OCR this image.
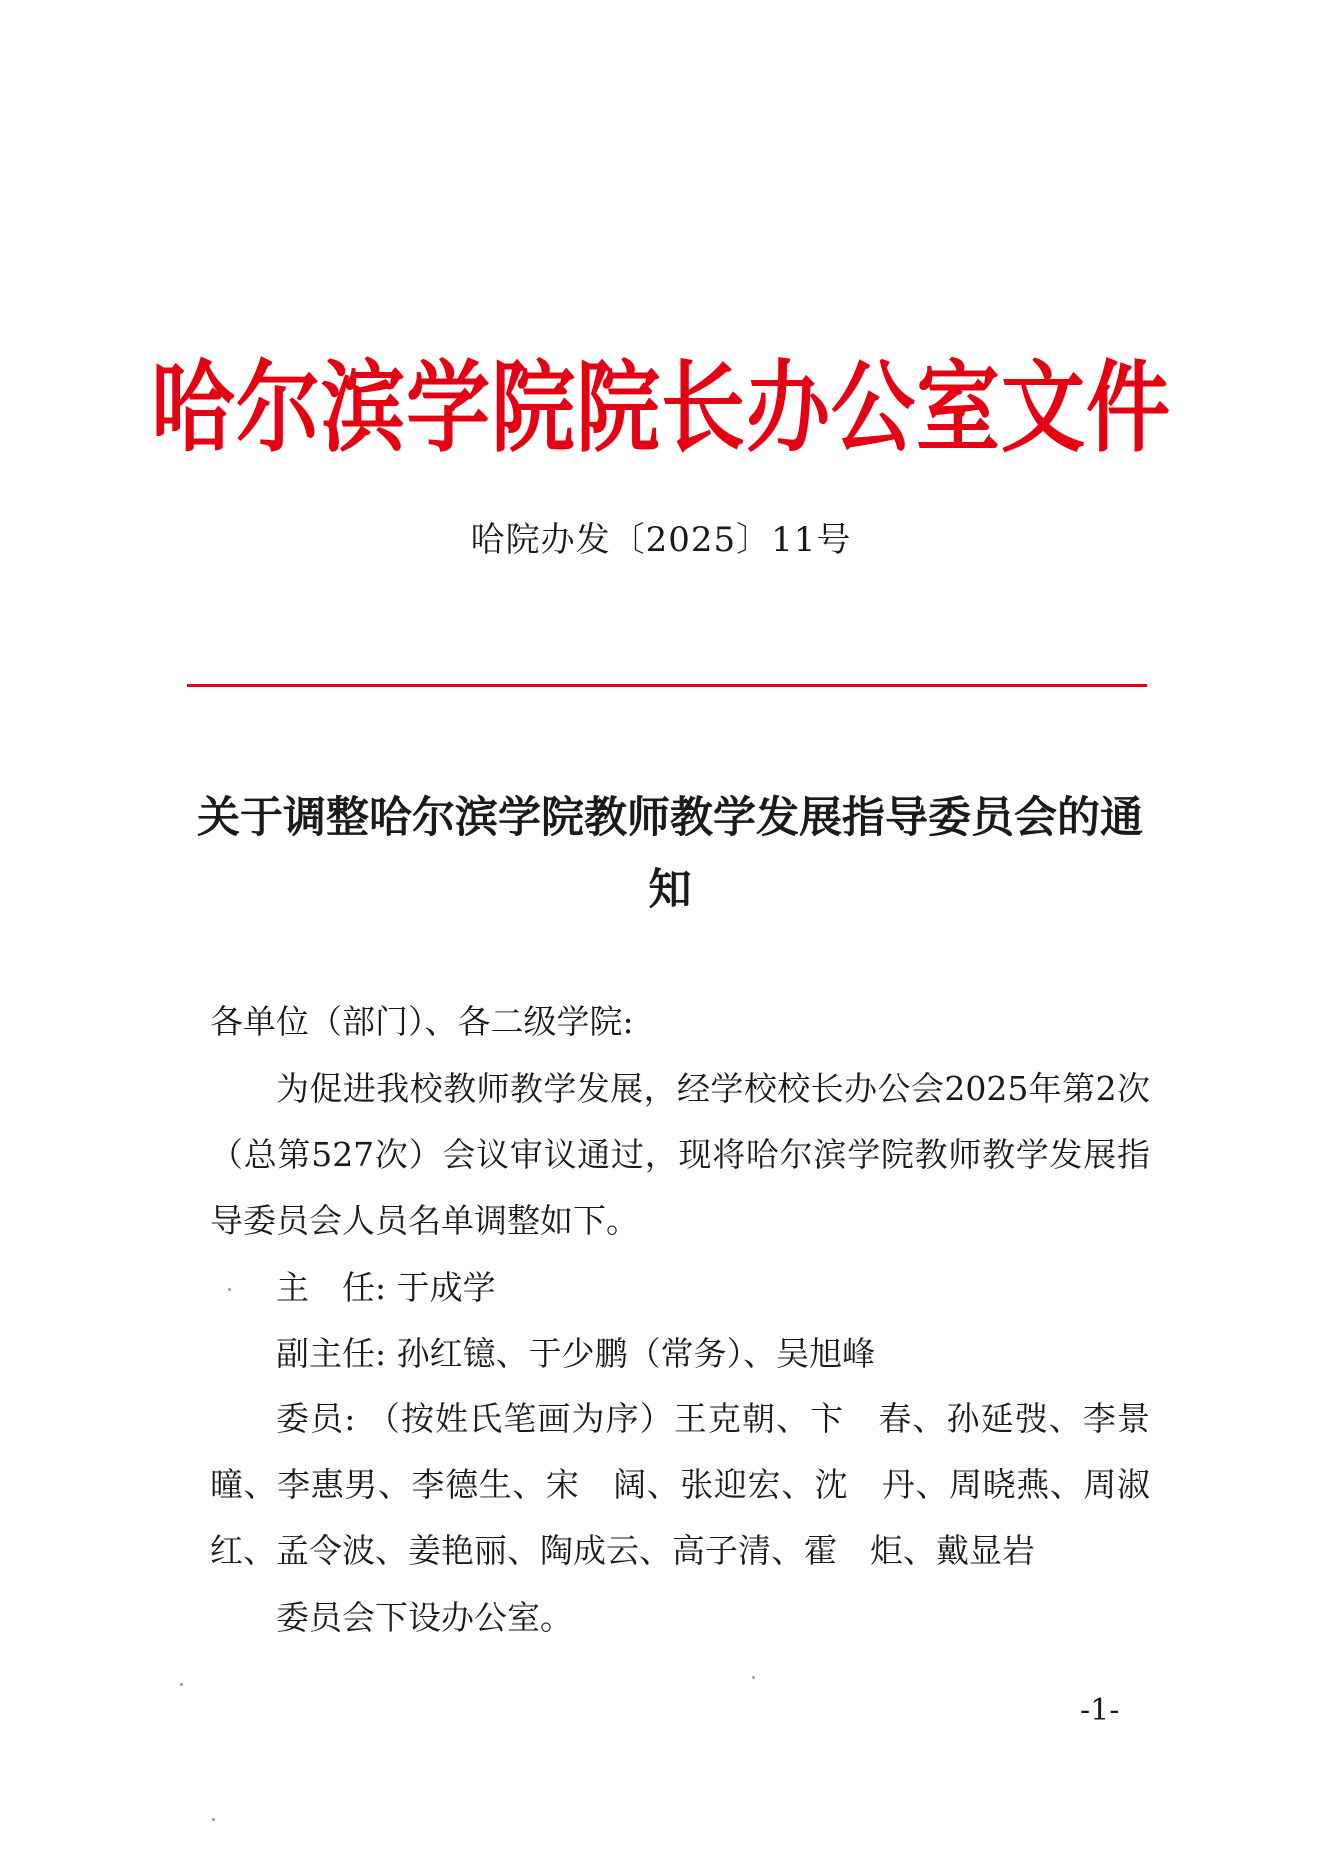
哈尔滨学院院长办公室文件
哈院办发〔2025〕11号
关于调整哈尔滨学院教师教学发展指导委员会的通知
各单位（部门）、各二级学院:
为促进我校教师教学发展，经学校校长办公会2025年第2次（总第527次）会议审议通过，现将哈尔滨学院教师教学发展指导委员会人员名单调整如下。
主　任: 于成学
副主任: 孙红镱、于少鹏（常务）、吴旭峰
委员: （按姓氏笔画为序）王克朝、卞　春、孙延弢、李景曈、李惠男、李德生、宋　阔、张迎宏、沈　丹、周晓燕、周淑红、孟令波、姜艳丽、陶成云、高子清、霍　炬、戴显岩
委员会下设办公室。
-1-
